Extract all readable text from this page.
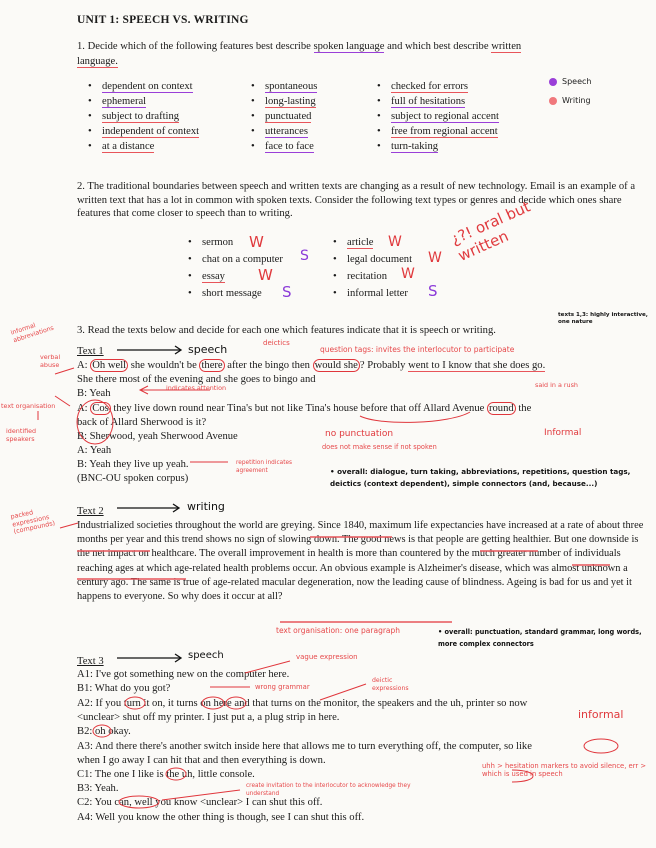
UNIT 1: SPEECH VS. WRITING
1. Decide which of the following features best describe spoken language and which best describe written
language.
• dependent on context
• ephemeral
• subject to drafting
• independent of context
• at a distance
• spontaneous
• long-lasting
• punctuated
• utterances
• face to face
• checked for errors
• full of hesitations
• subject to regional accent
• free from regional accent
• turn-taking
Speech
Writing
2. The traditional boundaries between speech and written texts are changing as a result of new technology. Email is an example of a written text that has a lot in common with spoken texts. Consider the following text types or genres and decide which ones share features that come closer to speech than to writing.
• sermon
• chat on a computer
• essay
• short message
• article
• legal document
• recitation
• informal letter
W
S
W
S
W
W
W
S
¿?! oral but written
3. Read the texts below and decide for each one which features indicate that it is speech or writing.
texts 1,3: highly interactive, one nature
Text 1
A: Oh well she wouldn't be there after the bingo then would she ? Probably went to I know that she does go.
She there most of the evening and she goes to bingo and
B: Yeah
A: Cos they live down round near Tina's but not like Tina's house before that off Allard Avenue round the
back of Allard Sherwood is it?
B: Sherwood, yeah Sherwood Avenue
A: Yeah
B: Yeah they live up yeah.
(BNC-OU spoken corpus)
Text 2
Industrialized societies throughout the world are greying. Since 1840, maximum life expectancies have increased at a rate of about three months per year and this trend shows no sign of slowing down. The good news is that people are getting healthier. But one downside is the net impact on healthcare. The overall improvement in health is more than countered by the much greater number of individuals reaching ages at which age-related health problems occur. An obvious example is Alzheimer's disease, which was almost unknown a century ago. The same is true of age-related macular degeneration, now the leading cause of blindness. Ageing is bad for us and yet it happens to everyone. So why does it occur at all?
Text 3
A1: I've got something new on the computer here.
B1: What do you got?
A2: If you turn it on, it turns on here and that turns on the monitor, the speakers and the uh, printer so now
<unclear> shut off my printer. I just put a, a plug strip in here.
B2: oh okay.
A3: And there there's another switch inside here that allows me to turn everything off, the computer, so like
when I go away I can hit that and then everything is down.
C1: The one I like is the uh, little console.
B3: Yeah.
C2: You can, well you know <unclear> I can shut this off.
A4: Well you know the other thing is though, see I can shut this off.
speech
writing
speech
deictics
question tags: invites the interlocutor to participate
said in a rush
indicates attention
informal abbreviations
verbal abuse
text organisation
identified speakers
repetition indicates agreement
no punctuation
does not make sense if not spoken
Informal
• overall: dialogue, turn taking, abbreviations, repetitions, question tags, deictics (context dependent), simple connectors (and, because...)
packed expressions (compounds)
text organisation: one paragraph	• overall: punctuation, standard grammar, long words, more complex connectors
vague expression
wrong grammar
deictic expressions
informal
uhh > hesitation markers to avoid silence, err > which is used in speech
create invitation to the interlocutor to acknowledge they understand
